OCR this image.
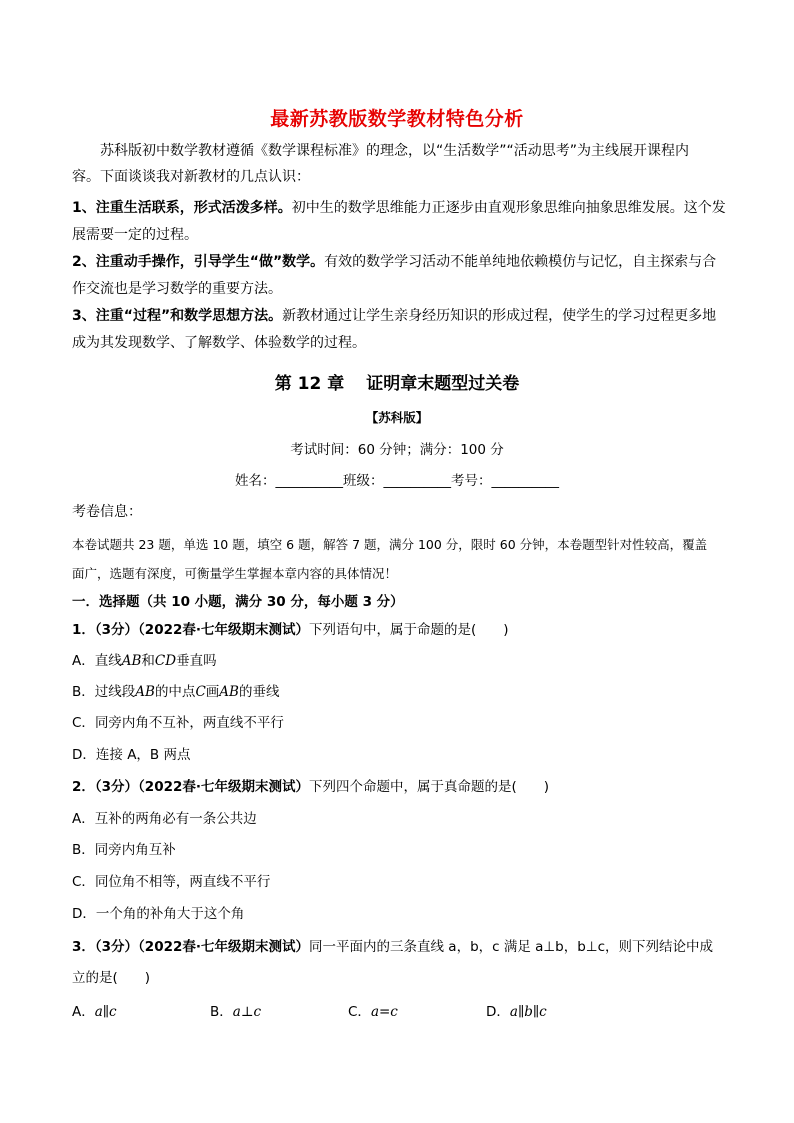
最新苏教版数学教材特色分析
苏科版初中数学教材遵循《数学课程标准》的理念，以“生活数学”“活动思考”为主线展开课程内
容。下面谈谈我对新教材的几点认识：
1、注重生活联系，形式活泼多样。初中生的数学思维能力正逐步由直观形象思维向抽象思维发展。这个发
展需要一定的过程。
2、注重动手操作，引导学生“做”数学。有效的数学学习活动不能单纯地依赖模仿与记忆，自主探索与合
作交流也是学习数学的重要方法。
3、注重“过程”和数学思想方法。新教材通过让学生亲身经历知识的形成过程，使学生的学习过程更多地
成为其发现数学、了解数学、体验数学的过程。
第 12 章 证明章末题型过关卷
【苏科版】
考试时间：60 分钟；满分：100 分
姓名：__________班级：__________考号：__________
考卷信息：
本卷试题共 23 题，单选 10 题，填空 6 题，解答 7 题，满分 100 分，限时 60 分钟，本卷题型针对性较高，覆盖
面广，选题有深度，可衡量学生掌握本章内容的具体情况！
一．选择题（共 10 小题，满分 30 分，每小题 3 分）
1．（3分）（2022春·七年级期末测试）下列语句中，属于命题的是(　　)
A．直线AB和CD垂直吗
B．过线段AB的中点C画AB的垂线
C．同旁内角不互补，两直线不平行
D．连接 A，B 两点
2．（3分）（2022春·七年级期末测试）下列四个命题中，属于真命题的是(　　)
A．互补的两角必有一条公共边
B．同旁内角互补
C．同位角不相等，两直线不平行
D．一个角的补角大于这个角
3．（3分）（2022春·七年级期末测试）同一平面内的三条直线 a，b，c 满足 a⊥b，b⊥c，则下列结论中成
立的是(　　)
A．a∥c	B．a⊥c	C．a=c	D．a∥b∥c
